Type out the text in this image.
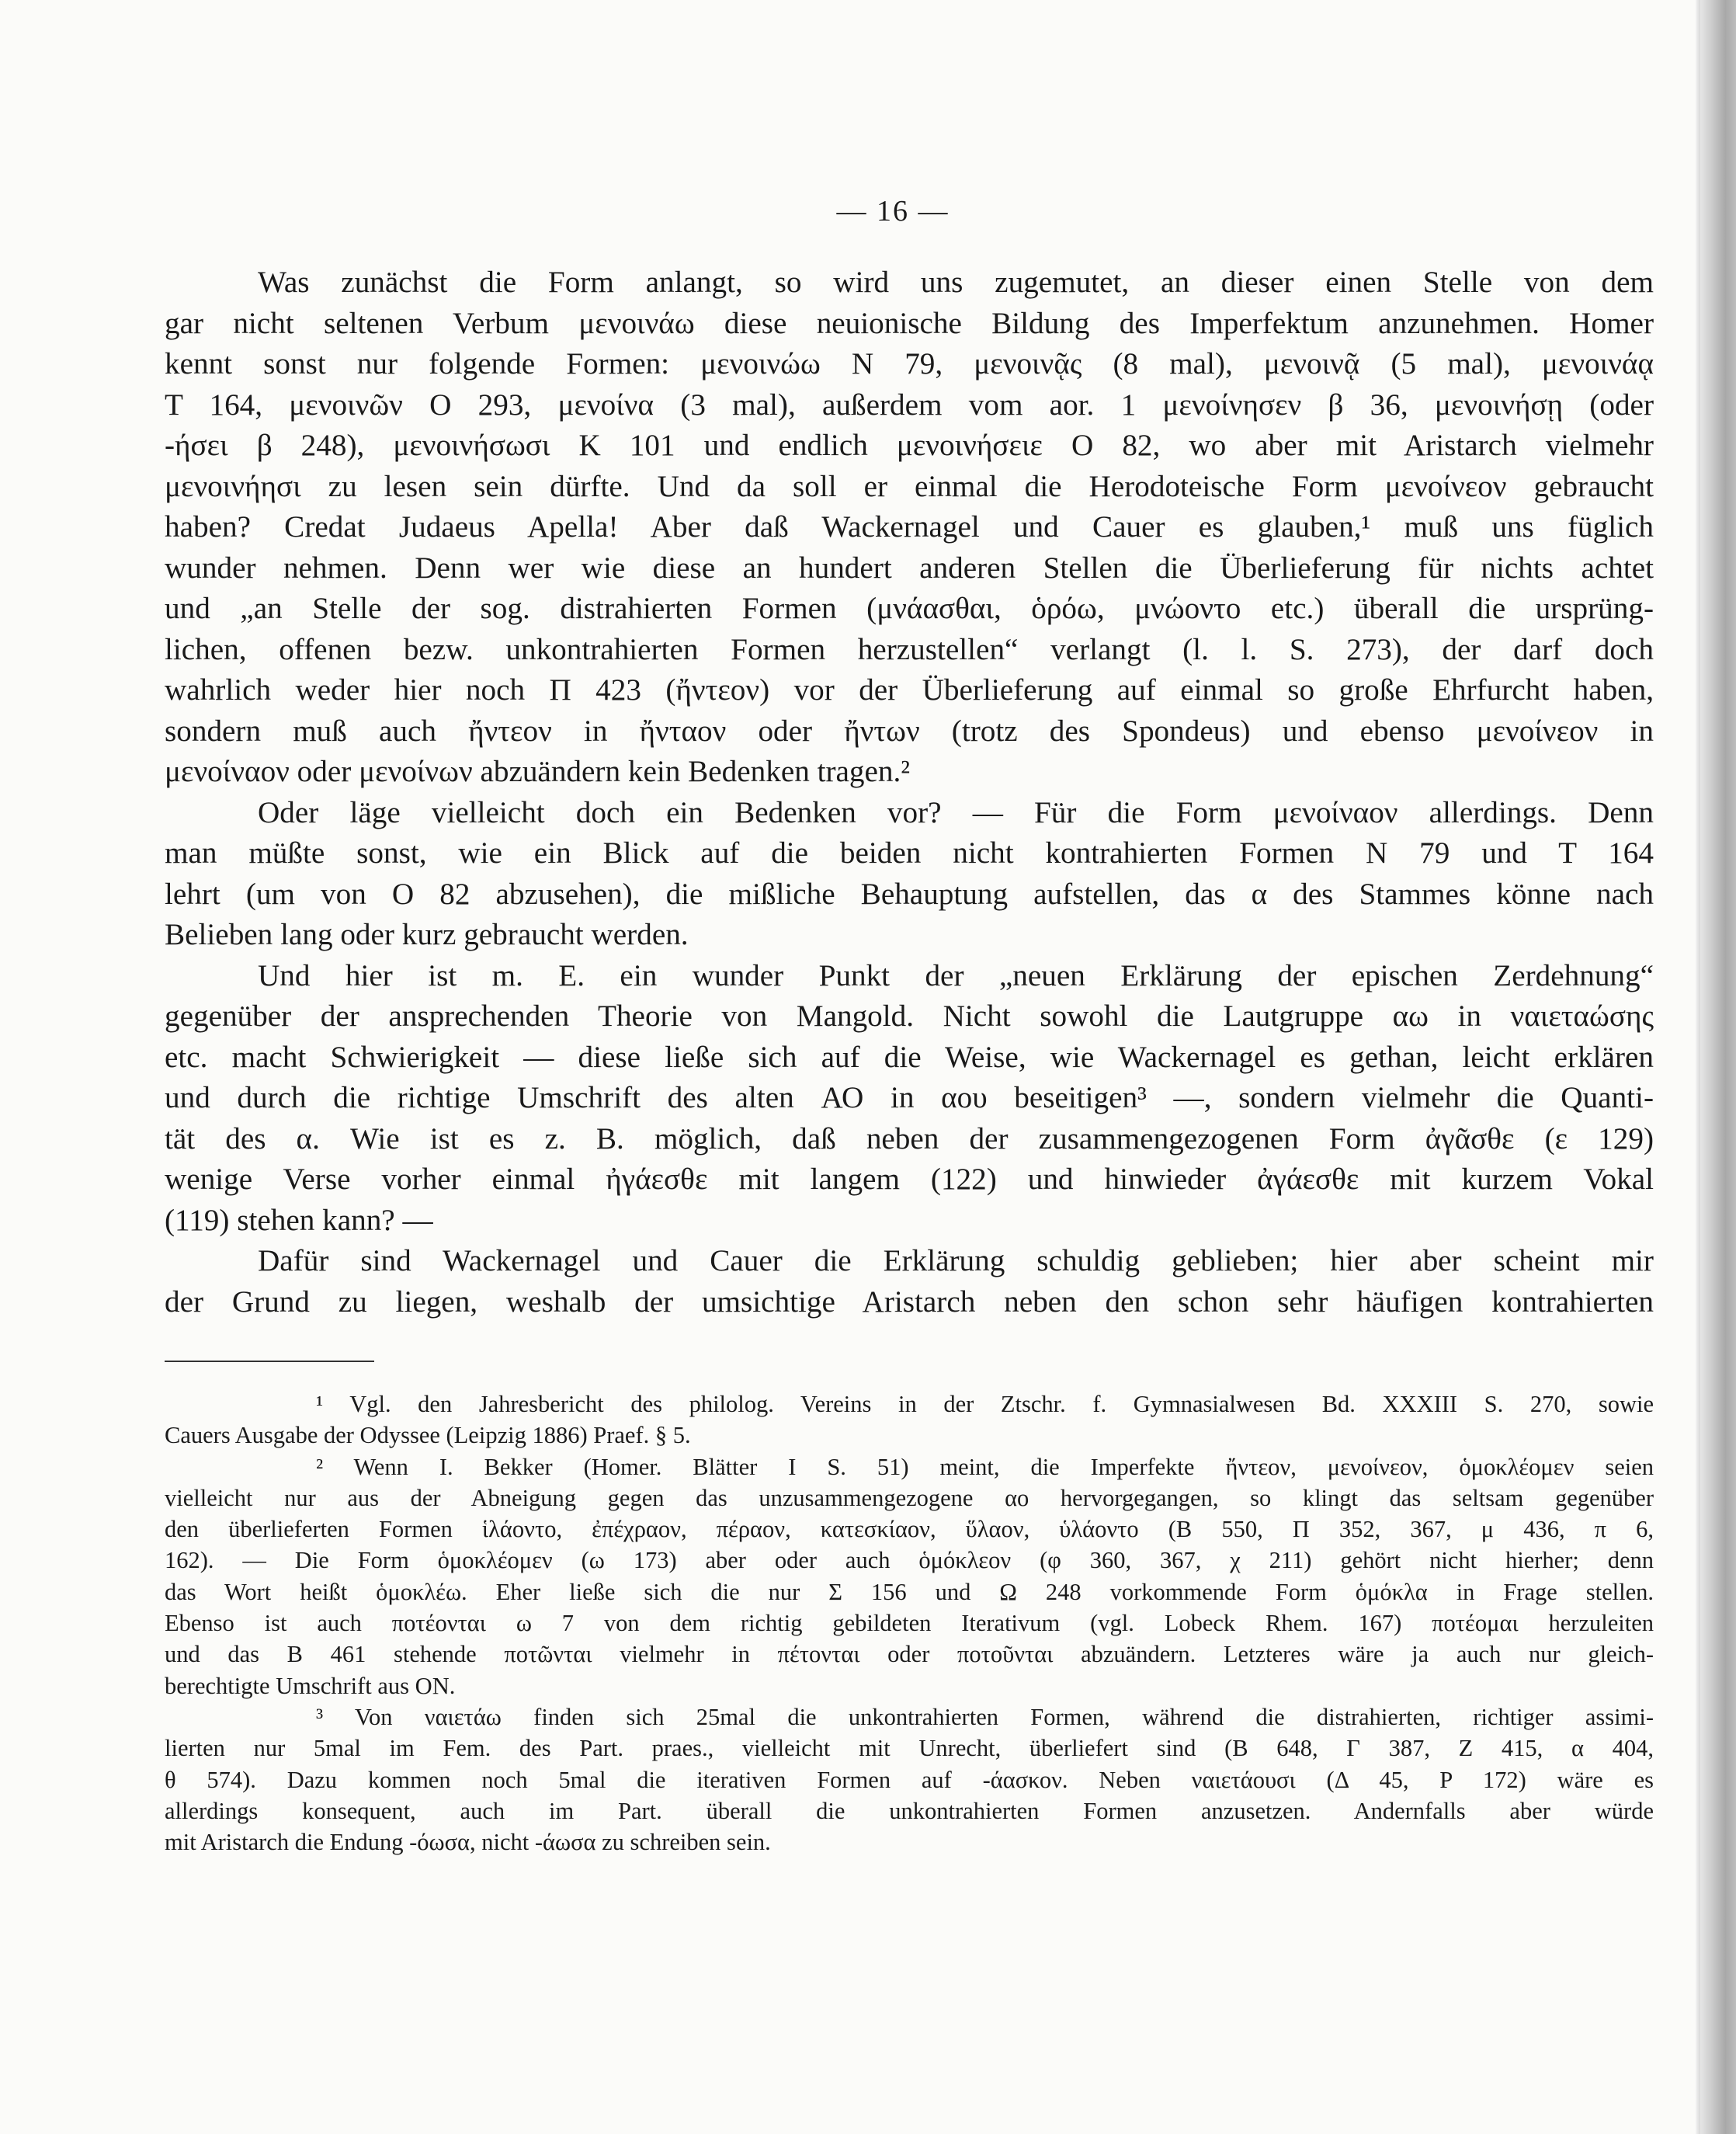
— 16 —
Was zunächst die Form anlangt, so wird uns zugemutet, an dieser einen Stelle von dem
gar nicht seltenen Verbum μενοινάω diese neuionische Bildung des Imperfektum anzunehmen. Homer
kennt sonst nur folgende Formen: μενοινώω N 79, μενοινᾷς (8 mal), μενοινᾷ (5 mal), μενοινάᾳ
T 164, μενοινῶν O 293, μενοίνα (3 mal), außerdem vom aor. 1 μενοίνησεν β 36, μενοινήσῃ (oder
-ήσει β 248), μενοινήσωσι K 101 und endlich μενοινήσειε O 82, wo aber mit Aristarch vielmehr
μενοινήησι zu lesen sein dürfte. Und da soll er einmal die Herodoteische Form μενοίνεον gebraucht
haben? Credat Judaeus Apella! Aber daß Wackernagel und Cauer es glauben,¹ muß uns füglich
wunder nehmen. Denn wer wie diese an hundert anderen Stellen die Überlieferung für nichts achtet
und „an Stelle der sog. distrahierten Formen (μνάασθαι, ὁρόω, μνώοντο etc.) überall die ursprüng-
lichen, offenen bezw. unkontrahierten Formen herzustellen“ verlangt (l. l. S. 273), der darf doch
wahrlich weder hier noch Π 423 (ἤντεον) vor der Überlieferung auf einmal so große Ehrfurcht haben,
sondern muß auch ἤντεον in ἤνταον oder ἤντων (trotz des Spondeus) und ebenso μενοίνεον in
μενοίναον oder μενοίνων abzuändern kein Bedenken tragen.²
Oder läge vielleicht doch ein Bedenken vor? — Für die Form μενοίναον allerdings. Denn
man müßte sonst, wie ein Blick auf die beiden nicht kontrahierten Formen N 79 und T 164
lehrt (um von O 82 abzusehen), die mißliche Behauptung aufstellen, das α des Stammes könne nach
Belieben lang oder kurz gebraucht werden.
Und hier ist m. E. ein wunder Punkt der „neuen Erklärung der epischen Zerdehnung“
gegenüber der ansprechenden Theorie von Mangold. Nicht sowohl die Lautgruppe αω in ναιεταώσης
etc. macht Schwierigkeit — diese ließe sich auf die Weise, wie Wackernagel es gethan, leicht erklären
und durch die richtige Umschrift des alten ΑΟ in αου beseitigen³ —, sondern vielmehr die Quanti-
tät des α. Wie ist es z. B. möglich, daß neben der zusammengezogenen Form ἀγᾶσθε (ε 129)
wenige Verse vorher einmal ἠγάεσθε mit langem (122) und hinwieder ἀγάεσθε mit kurzem Vokal
(119) stehen kann? —
Dafür sind Wackernagel und Cauer die Erklärung schuldig geblieben; hier aber scheint mir
der Grund zu liegen, weshalb der umsichtige Aristarch neben den schon sehr häufigen kontrahierten
¹ Vgl. den Jahresbericht des philolog. Vereins in der Ztschr. f. Gymnasialwesen Bd. XXXIII S. 270, sowie
Cauers Ausgabe der Odyssee (Leipzig 1886) Praef. § 5.
² Wenn I. Bekker (Homer. Blätter I S. 51) meint, die Imperfekte ἤντεον, μενοίνεον, ὁμοκλέομεν seien
vielleicht nur aus der Abneigung gegen das unzusammengezogene αο hervorgegangen, so klingt das seltsam gegenüber
den überlieferten Formen ἱλάοντο, ἐπέχραον, πέραον, κατεσκίαον, ὕλαον, ὑλάοντο (B 550, Π 352, 367, μ 436, π 6,
162). — Die Form ὁμοκλέομεν (ω 173) aber oder auch ὁμόκλεον (φ 360, 367, χ 211) gehört nicht hierher; denn
das Wort heißt ὁμοκλέω. Eher ließe sich die nur Σ 156 und Ω 248 vorkommende Form ὁμόκλα in Frage stellen.
Ebenso ist auch ποτέονται ω 7 von dem richtig gebildeten Iterativum (vgl. Lobeck Rhem. 167) ποτέομαι herzuleiten
und das B 461 stehende ποτῶνται vielmehr in πέτονται oder ποτοῦνται abzuändern. Letzteres wäre ja auch nur gleich-
berechtigte Umschrift aus ΟΝ.
³ Von ναιετάω finden sich 25mal die unkontrahierten Formen, während die distrahierten, richtiger assimi-
lierten nur 5mal im Fem. des Part. praes., vielleicht mit Unrecht, überliefert sind (B 648, Γ 387, Z 415, α 404,
θ 574). Dazu kommen noch 5mal die iterativen Formen auf -άασκον. Neben ναιετάουσι (Δ 45, P 172) wäre es
allerdings konsequent, auch im Part. überall die unkontrahierten Formen anzusetzen. Andernfalls aber würde
mit Aristarch die Endung -όωσα, nicht -άωσα zu schreiben sein.
